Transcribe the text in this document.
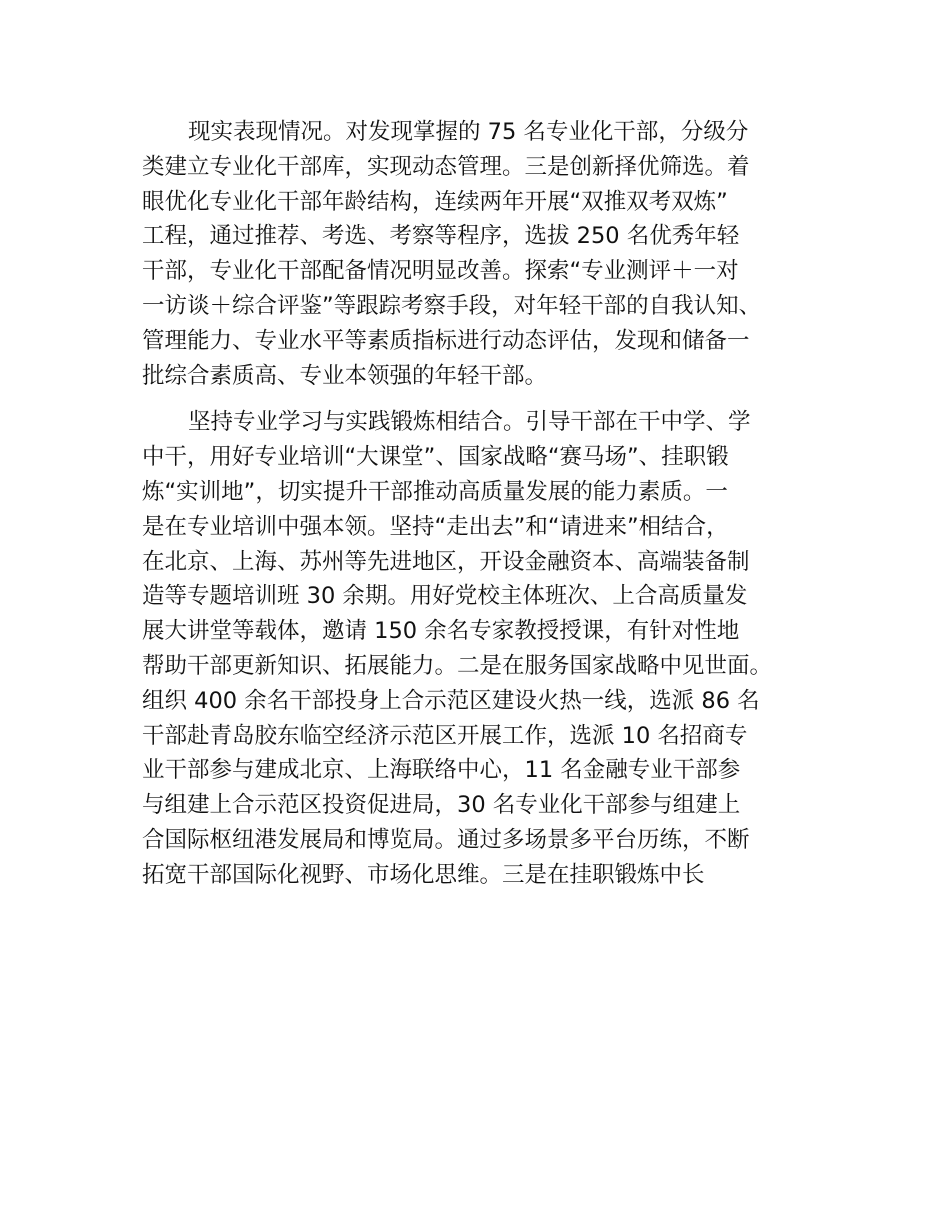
现实表现情况。对发现掌握的 75 名专业化干部，分级分
类建立专业化干部库，实现动态管理。三是创新择优筛选。着
眼优化专业化干部年龄结构，连续两年开展“双推双考双炼”
工程，通过推荐、考选、考察等程序，选拔 250 名优秀年轻
干部，专业化干部配备情况明显改善。探索“专业测评＋一对
一访谈＋综合评鉴”等跟踪考察手段，对年轻干部的自我认知、
管理能力、专业水平等素质指标进行动态评估，发现和储备一
批综合素质高、专业本领强的年轻干部。
坚持专业学习与实践锻炼相结合。引导干部在干中学、学
中干，用好专业培训“大课堂”、国家战略“赛马场”、挂职锻
炼“实训地”，切实提升干部推动高质量发展的能力素质。一
是在专业培训中强本领。坚持“走出去”和“请进来”相结合，
在北京、上海、苏州等先进地区，开设金融资本、高端装备制
造等专题培训班 30 余期。用好党校主体班次、上合高质量发
展大讲堂等载体，邀请 150 余名专家教授授课，有针对性地
帮助干部更新知识、拓展能力。二是在服务国家战略中见世面。
组织 400 余名干部投身上合示范区建设火热一线，选派 86 名
干部赴青岛胶东临空经济示范区开展工作，选派 10 名招商专
业干部参与建成北京、上海联络中心，11 名金融专业干部参
与组建上合示范区投资促进局，30 名专业化干部参与组建上
合国际枢纽港发展局和博览局。通过多场景多平台历练，不断
拓宽干部国际化视野、市场化思维。三是在挂职锻炼中长
